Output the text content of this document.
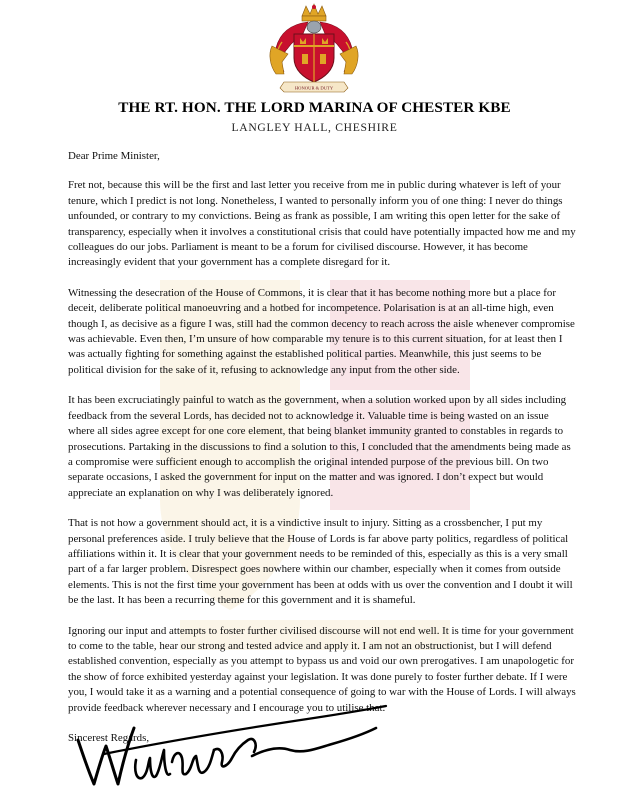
HONOUR & DUTY
THE RT. HON. THE LORD MARINA OF CHESTER KBE
LANGLEY HALL, CHESHIRE

Dear Prime Minister,

Fret not, because this will be the first and last letter you receive from me in public during whatever is left of your tenure, which I predict is not long. Nonetheless, I wanted to personally inform you of one thing: I never do things unfounded, or contrary to my convictions. Being as frank as possible, I am writing this open letter for the sake of transparency, especially when it involves a constitutional crisis that could have potentially impacted how me and my colleagues do our jobs. Parliament is meant to be a forum for civilised discourse. However, it has become increasingly evident that your government has a complete disregard for it.

Witnessing the desecration of the House of Commons, it is clear that it has become nothing more but a place for deceit, deliberate political manoeuvring and a hotbed for incompetence. Polarisation is at an all-time high, even though I, as decisive as a figure I was, still had the common decency to reach across the aisle whenever compromise was achievable. Even then, I’m unsure of how comparable my tenure is to this current situation, for at least then I was actually fighting for something against the established political parties. Meanwhile, this just seems to be political division for the sake of it, refusing to acknowledge any input from the other side.

It has been excruciatingly painful to watch as the government, when a solution worked upon by all sides including feedback from the several Lords, has decided not to acknowledge it. Valuable time is being wasted on an issue where all sides agree except for one core element, that being blanket immunity granted to constables in regards to prosecutions. Partaking in the discussions to find a solution to this, I concluded that the amendments being made as a compromise were sufficient enough to accomplish the original intended purpose of the previous bill. On two separate occasions, I asked the government for input on the matter and was ignored. I don’t expect but would appreciate an explanation on why I was deliberately ignored.

That is not how a government should act, it is a vindictive insult to injury. Sitting as a crossbencher, I put my personal preferences aside. I truly believe that the House of Lords is far above party politics, regardless of political affiliations within it. It is clear that your government needs to be reminded of this, especially as this is a very small part of a far larger problem. Disrespect goes nowhere within our chamber, especially when it comes from outside elements. This is not the first time your government has been at odds with us over the convention and I doubt it will be the last. It has been a recurring theme for this government and it is shameful.

Ignoring our input and attempts to foster further civilised discourse will not end well. It is time for your government to come to the table, hear our strong and tested advice and apply it. I am not an obstructionist, but I will defend established convention, especially as you attempt to bypass us and void our own prerogatives. I am unapologetic for the show of force exhibited yesterday against your legislation. It was done purely to foster further debate. If I were you, I would take it as a warning and a potential consequence of going to war with the House of Lords. I will always provide feedback wherever necessary and I encourage you to utilise that.

Sincerest Regards,
